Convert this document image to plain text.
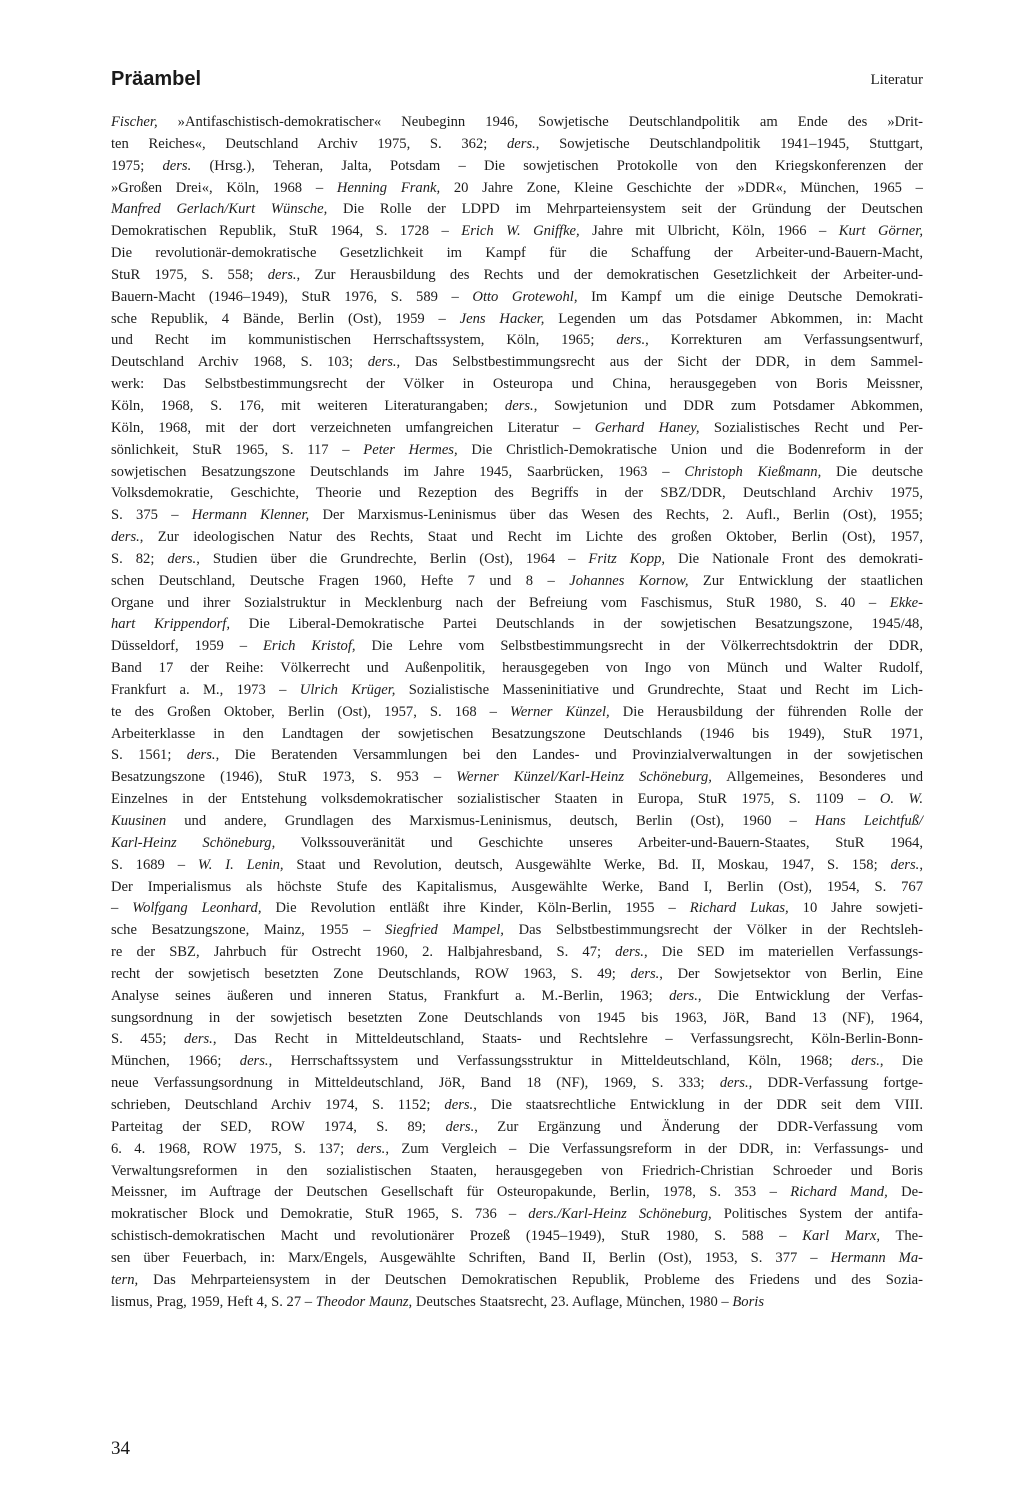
Präambel	Literatur
Fischer, »Antifaschistisch-demokratischer« Neubeginn 1946, Sowjetische Deutschlandpolitik am Ende des »Drit-
ten Reiches«, Deutschland Archiv 1975, S. 362; ders., Sowjetische Deutschlandpolitik 1941–1945, Stuttgart,
1975; ders. (Hrsg.), Teheran, Jalta, Potsdam – Die sowjetischen Protokolle von den Kriegskonferenzen der
»Großen Drei«, Köln, 1968 – Henning Frank, 20 Jahre Zone, Kleine Geschichte der »DDR«, München, 1965 –
Manfred Gerlach/Kurt Wünsche, Die Rolle der LDPD im Mehrparteiensystem seit der Gründung der Deutschen
Demokratischen Republik, StuR 1964, S. 1728 – Erich W. Gniffke, Jahre mit Ulbricht, Köln, 1966 – Kurt Görner,
Die revolutionär-demokratische Gesetzlichkeit im Kampf für die Schaffung der Arbeiter-und-Bauern-Macht,
StuR 1975, S. 558; ders., Zur Herausbildung des Rechts und der demokratischen Gesetzlichkeit der Arbeiter-und-
Bauern-Macht (1946–1949), StuR 1976, S. 589 – Otto Grotewohl, Im Kampf um die einige Deutsche Demokrati-
sche Republik, 4 Bände, Berlin (Ost), 1959 – Jens Hacker, Legenden um das Potsdamer Abkommen, in: Macht
und Recht im kommunistischen Herrschaftssystem, Köln, 1965; ders., Korrekturen am Verfassungsentwurf,
Deutschland Archiv 1968, S. 103; ders., Das Selbstbestimmungsrecht aus der Sicht der DDR, in dem Sammel-
werk: Das Selbstbestimmungsrecht der Völker in Osteuropa und China, herausgegeben von Boris Meissner,
Köln, 1968, S. 176, mit weiteren Literaturangaben; ders., Sowjetunion und DDR zum Potsdamer Abkommen,
Köln, 1968, mit der dort verzeichneten umfangreichen Literatur – Gerhard Haney, Sozialistisches Recht und Per-
sönlichkeit, StuR 1965, S. 117 – Peter Hermes, Die Christlich-Demokratische Union und die Bodenreform in der
sowjetischen Besatzungszone Deutschlands im Jahre 1945, Saarbrücken, 1963 – Christoph Kießmann, Die deutsche
Volksdemokratie, Geschichte, Theorie und Rezeption des Begriffs in der SBZ/DDR, Deutschland Archiv 1975,
S. 375 – Hermann Klenner, Der Marxismus-Leninismus über das Wesen des Rechts, 2. Aufl., Berlin (Ost), 1955;
ders., Zur ideologischen Natur des Rechts, Staat und Recht im Lichte des großen Oktober, Berlin (Ost), 1957,
S. 82; ders., Studien über die Grundrechte, Berlin (Ost), 1964 – Fritz Kopp, Die Nationale Front des demokrati-
schen Deutschland, Deutsche Fragen 1960, Hefte 7 und 8 – Johannes Kornow, Zur Entwicklung der staatlichen
Organe und ihrer Sozialstruktur in Mecklenburg nach der Befreiung vom Faschismus, StuR 1980, S. 40 – Ekke-
hart Krippendorf, Die Liberal-Demokratische Partei Deutschlands in der sowjetischen Besatzungszone, 1945/48,
Düsseldorf, 1959 – Erich Kristof, Die Lehre vom Selbstbestimmungsrecht in der Völkerrechtsdoktrin der DDR,
Band 17 der Reihe: Völkerrecht und Außenpolitik, herausgegeben von Ingo von Münch und Walter Rudolf,
Frankfurt a. M., 1973 – Ulrich Krüger, Sozialistische Masseninitiative und Grundrechte, Staat und Recht im Lich-
te des Großen Oktober, Berlin (Ost), 1957, S. 168 – Werner Künzel, Die Herausbildung der führenden Rolle der
Arbeiterklasse in den Landtagen der sowjetischen Besatzungszone Deutschlands (1946 bis 1949), StuR 1971,
S. 1561; ders., Die Beratenden Versammlungen bei den Landes- und Provinzialverwaltungen in der sowjetischen
Besatzungszone (1946), StuR 1973, S. 953 – Werner Künzel/Karl-Heinz Schöneburg, Allgemeines, Besonderes und
Einzelnes in der Entstehung volksdemokratischer sozialistischer Staaten in Europa, StuR 1975, S. 1109 – O. W.
Kuusinen und andere, Grundlagen des Marxismus-Leninismus, deutsch, Berlin (Ost), 1960 – Hans Leichtfuß/
Karl-Heinz Schöneburg, Volkssouveränität und Geschichte unseres Arbeiter-und-Bauern-Staates, StuR 1964,
S. 1689 – W. I. Lenin, Staat und Revolution, deutsch, Ausgewählte Werke, Bd. II, Moskau, 1947, S. 158; ders.,
Der Imperialismus als höchste Stufe des Kapitalismus, Ausgewählte Werke, Band I, Berlin (Ost), 1954, S. 767
– Wolfgang Leonhard, Die Revolution entläßt ihre Kinder, Köln-Berlin, 1955 – Richard Lukas, 10 Jahre sowjeti-
sche Besatzungszone, Mainz, 1955 – Siegfried Mampel, Das Selbstbestimmungsrecht der Völker in der Rechtsleh-
re der SBZ, Jahrbuch für Ostrecht 1960, 2. Halbjahresband, S. 47; ders., Die SED im materiellen Verfassungs-
recht der sowjetisch besetzten Zone Deutschlands, ROW 1963, S. 49; ders., Der Sowjetsektor von Berlin, Eine
Analyse seines äußeren und inneren Status, Frankfurt a. M.-Berlin, 1963; ders., Die Entwicklung der Verfas-
sungsordnung in der sowjetisch besetzten Zone Deutschlands von 1945 bis 1963, JöR, Band 13 (NF), 1964,
S. 455; ders., Das Recht in Mitteldeutschland, Staats- und Rechtslehre – Verfassungsrecht, Köln-Berlin-Bonn-
München, 1966; ders., Herrschaftssystem und Verfassungsstruktur in Mitteldeutschland, Köln, 1968; ders., Die
neue Verfassungsordnung in Mitteldeutschland, JöR, Band 18 (NF), 1969, S. 333; ders., DDR-Verfassung fortge-
schrieben, Deutschland Archiv 1974, S. 1152; ders., Die staatsrechtliche Entwicklung in der DDR seit dem VIII.
Parteitag der SED, ROW 1974, S. 89; ders., Zur Ergänzung und Änderung der DDR-Verfassung vom
6. 4. 1968, ROW 1975, S. 137; ders., Zum Vergleich – Die Verfassungsreform in der DDR, in: Verfassungs- und
Verwaltungsreformen in den sozialistischen Staaten, herausgegeben von Friedrich-Christian Schroeder und Boris
Meissner, im Auftrage der Deutschen Gesellschaft für Osteuropakunde, Berlin, 1978, S. 353 – Richard Mand, De-
mokratischer Block und Demokratie, StuR 1965, S. 736 – ders./Karl-Heinz Schöneburg, Politisches System der antifa-
schistisch-demokratischen Macht und revolutionärer Prozeß (1945–1949), StuR 1980, S. 588 – Karl Marx, The-
sen über Feuerbach, in: Marx/Engels, Ausgewählte Schriften, Band II, Berlin (Ost), 1953, S. 377 – Hermann Ma-
tern, Das Mehrparteiensystem in der Deutschen Demokratischen Republik, Probleme des Friedens und des Sozia-
lismus, Prag, 1959, Heft 4, S. 27 – Theodor Maunz, Deutsches Staatsrecht, 23. Auflage, München, 1980 – Boris
34
